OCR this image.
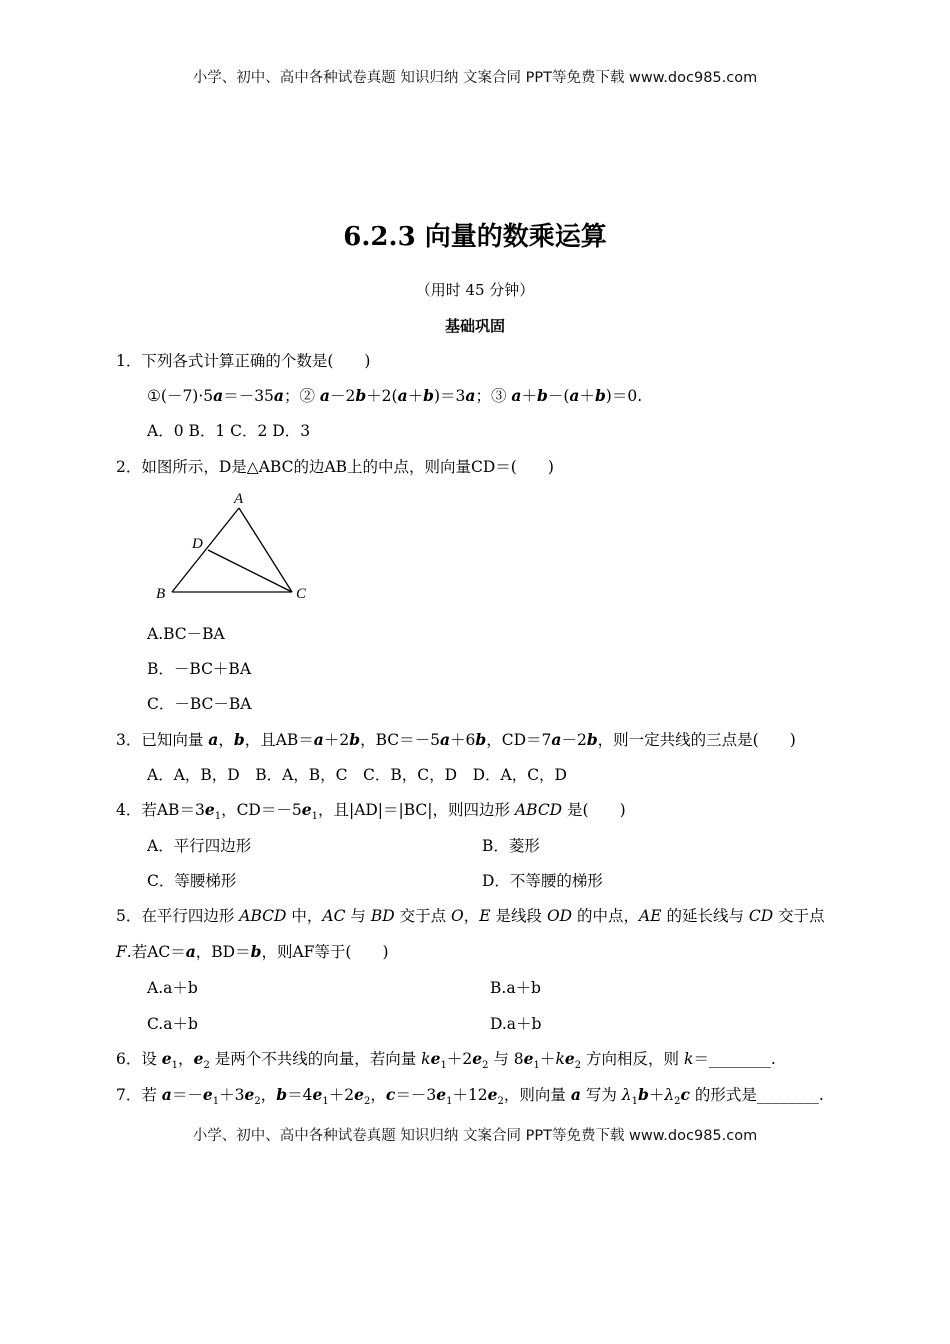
小学、初中、高中各种试卷真题 知识归纳 文案合同 PPT等免费下载 www.doc985.com
6.2.3 向量的数乘运算
（用时 45 分钟）
基础巩固
1．下列各式计算正确的个数是(　　)
①(－7)·5a＝－35a；② a－2b＋2(a＋b)＝3a；③ a＋b－(a＋b)＝0.
A．0 B．1 C．2 D．3
2．如图所示，D是△ABC的边AB上的中点，则向量CD＝(　　)
A
D
B	C
A.BC－BA
B．－BC＋BA
C．－BC－BA
3．已知向量 a，b，且AB＝a＋2b，BC＝－5a＋6b，CD＝7a－2b，则一定共线的三点是(　　)
A．A，B，D　B．A，B，C　C．B，C，D　D．A，C，D
4．若$AB=3e_1$，$CD=-5e_1$，且|AD|＝|BC|，则四边形 ABCD 是(　　)
A．平行四边形	B．菱形
C．等腰梯形	D．不等腰的梯形
5．在平行四边形 ABCD 中，AC 与 BD 交于点 O，E 是线段 OD 的中点，AE 的延长线与 CD 交于点
F.若AC＝a，BD＝b，则AF等于(　　)
A.a＋b	B.a＋b
C.a＋b	D.a＋b
6．设 $e_1$，$e_2$ 是两个不共线的向量，若向量 $ke_1+2e_2$ 与 $8e_1+ke_2$ 方向相反，则 k＝________.
7．若 $a=-e_1+3e_2$，$b=4e_1+2e_2$，$c=-3e_1+12e_2$，则向量 a 写为 $\lambda_1b+\lambda_2c$ 的形式是________.
小学、初中、高中各种试卷真题 知识归纳 文案合同 PPT等免费下载 www.doc985.com
